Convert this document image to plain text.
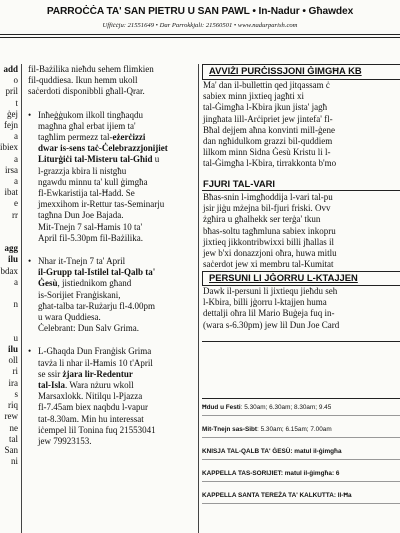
PARROĊĊA TA' SAN PIETRU U SAN PAWL • In-Nadur • Għawdex
Uffiċċju: 21551649 • Dar Parrokkjali: 21560501 • www.nadurparish.com

add

o

pril

t

ġej

fejn

a

ibiex

a

irsa

a

ibat

e

rr

agg

ilu

bdax

a

n

u

ilu

oll

ri

ira

s

riq

rew

ne

tal

San

ni

fil-Bażilika nieħdu sehem flimkien
fil-quddiesa. Ikun hemm ukoll
saċerdoti disponibbli għall-Qrar.
• Inħeġġukom ilkoll tingħaqdu
magħna għal erbat ijiem ta'
tagħlim permezz tal-eżerċizzi
dwar is-sens taċ-Ċelebrazzjonijiet
Liturġiċi tal-Misteru tal-Għid u
l-grazzja kbira li nistgħu
ngawdu minnu ta' kull ġimgħa
fl-Ewkaristija tal-Ħadd. Se
jmexxihom ir-Rettur tas-Seminarju
tagħna Dun Joe Bajada.
Mit-Tnejn 7 sal-Ħamis 10 ta'
April fil-5.30pm fil-Bażilika.
• Nhar it-Tnejn 7 ta' April
il-Grupp tal-Istilel tal-Qalb ta'
Ġesù, jistiednikom għand
is-Sorijiet Franġiskani,
għat-talba tar-Rużarju fl-4.00pm
u wara Quddiesa.
Ċelebrant: Dun Salv Grima.
• L-Għaqda Dun Franġisk Grima
tavża li nhar il-Ħamis 10 t'April
se ssir żjara lir-Redentur
tal-Isla. Wara nżuru wkoll
Marsaxlokk. Nitilqu l-Pjazza
fl-7.45am biex naqbdu l-vapur
tat-8.30am. Min hu interessat
iċempel lil Tonina fuq 21553041
jew 79923153.
AVVIŻI PURĊISSJONI ĠIMGĦA KB
Ma' dan il-bullettin qed jitqassam ċ
sabiex minn jixtieq jagħti xi
tal-Ġimgħa l-Kbira jkun jista' jagħ
jingħata lill-Arċipriet jew jintefa' fl-
Bħal dejjem aħna konvinti mill-ġene
dan ngħidulkom grazzi bil-quddiem
lilkom minn Sidna Ġesù Kristu li l-
tal-Ġimgħa l-Kbira, tirrakkonta b'mo
FJURI TAL-VARI
Bħas-snin l-imgħoddija l-vari tal-pu
jsir jiġu mżejna bil-fjuri friski. Ovv
żgħira u għalhekk ser terġa' tkun
bħas-soltu tagħmluna sabiex inkopru
jixtieq jikkontribwixxi billi jħallas il
jew b'xi donazzjoni oħra, huwa mitlu
saċerdot jew xi membru tal-Kumitat
PERSUNI LI JĠORRU L-KTAJJEN
Dawk il-persuni li jixtiequ jieħdu seh
l-Kbira, billi jġorru l-ktajjen huma
dettalji oħra lil Mario Buġeja fuq in-
(wara s-6.30pm) jew lil Dun Joe Card
Ħdud u Festi: 5.30am; 6.30am; 8.30am; 9.45
Mit-Tnejn sas-Sibt: 5.30am; 6.15am; 7.00am
KNISJA TAL-QALB TA' ĠESÙ: matul il-ġimgħa
KAPPELLA TAS-SORIJIET: matul il-ġimgħa: 6
KAPPELLA SANTA TEREŻA TA' KALKUTTA: Il-Ħa
